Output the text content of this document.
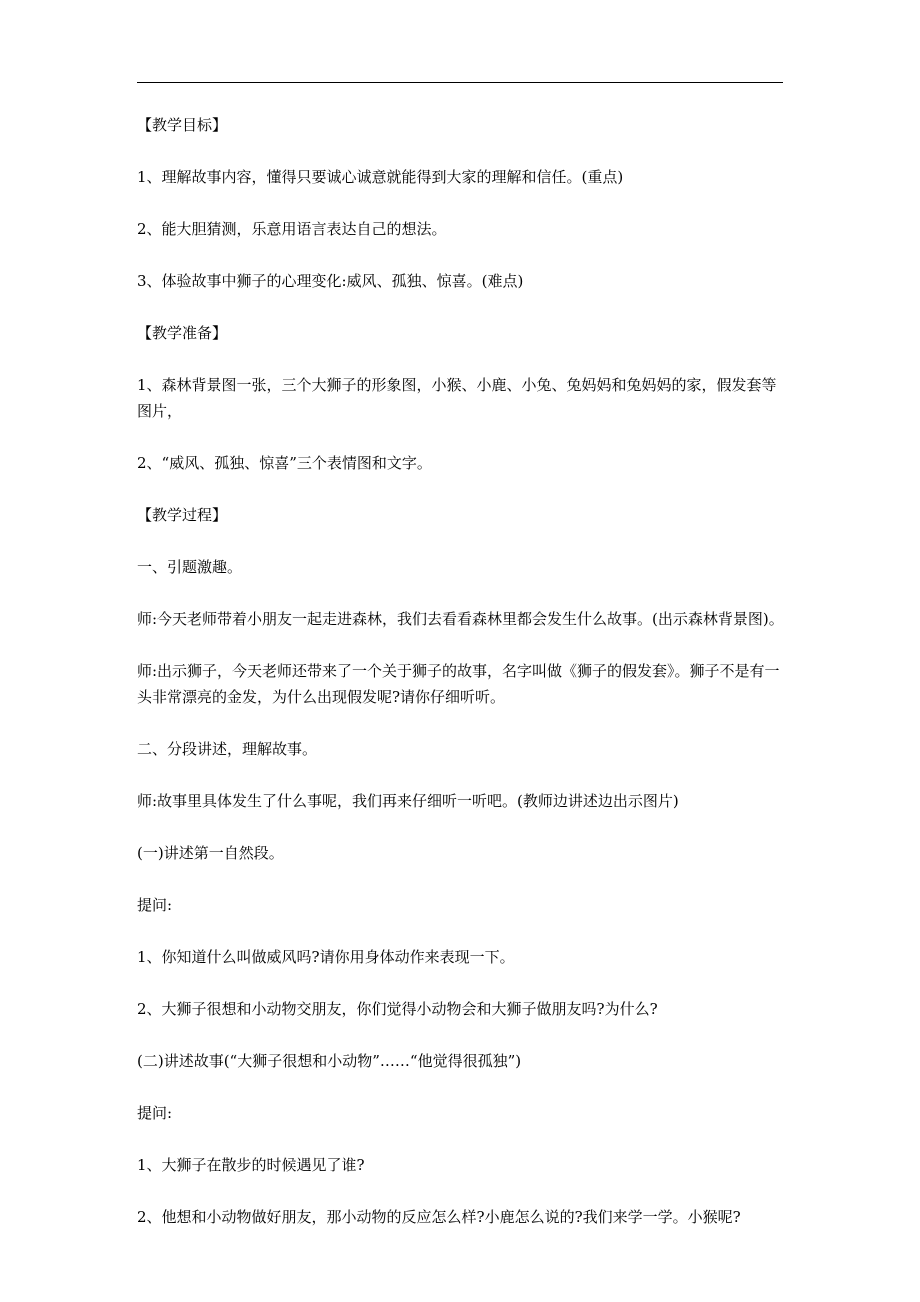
【教学目标】

1、理解故事内容，懂得只要诚心诚意就能得到大家的理解和信任。(重点)

2、能大胆猜测，乐意用语言表达自己的想法。

3、体验故事中狮子的心理变化:威风、孤独、惊喜。(难点)

【教学准备】

1、森林背景图一张，三个大狮子的形象图，小猴、小鹿、小兔、兔妈妈和兔妈妈的家，假发套等图片，

2、“威风、孤独、惊喜”三个表情图和文字。

【教学过程】

一、引题激趣。

师:今天老师带着小朋友一起走进森林，我们去看看森林里都会发生什么故事。(出示森林背景图)。

师:出示狮子，今天老师还带来了一个关于狮子的故事，名字叫做《狮子的假发套》。狮子不是有一头非常漂亮的金发，为什么出现假发呢?请你仔细听听。

二、分段讲述，理解故事。

师:故事里具体发生了什么事呢，我们再来仔细听一听吧。(教师边讲述边出示图片)

(一)讲述第一自然段。

提问:

1、你知道什么叫做威风吗?请你用身体动作来表现一下。

2、大狮子很想和小动物交朋友，你们觉得小动物会和大狮子做朋友吗?为什么?

(二)讲述故事(“大狮子很想和小动物”……“他觉得很孤独”)

提问:

1、大狮子在散步的时候遇见了谁?

2、他想和小动物做好朋友，那小动物的反应怎么样?小鹿怎么说的?我们来学一学。小猴呢?
